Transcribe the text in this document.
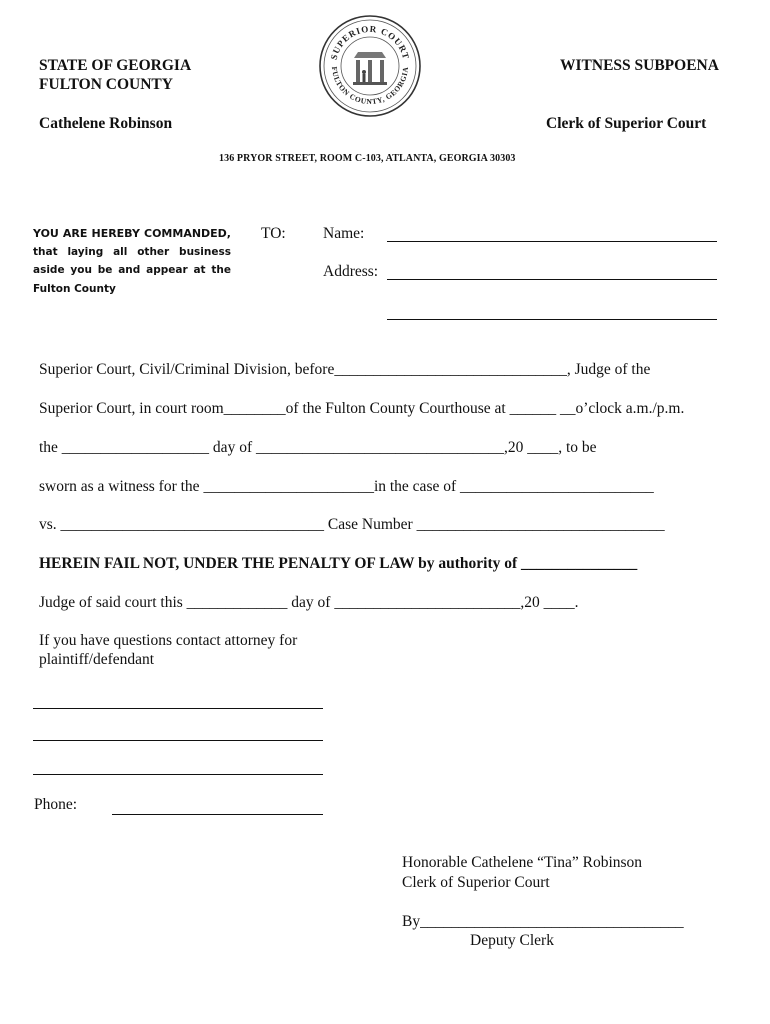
STATE OF GEORGIA
FULTON COUNTY
WITNESS SUBPOENA
Cathelene Robinson	Clerk of Superior Court
SUPERIOR COURT
FULTON COUNTY, GEORGIA
136 PRYOR STREET, ROOM C-103, ATLANTA, GEORGIA 30303
YOU ARE HEREBY COMMANDED, that laying all other business aside you be and appear at the Fulton County
TO: Name:
Address:
Superior Court, Civil/Criminal Division, before______________________________, Judge of the
Superior Court, in court room________of the Fulton County Courthouse at ______ __o’clock a.m./p.m.
the ___________________ day of ________________________________,20 ____, to be
sworn as a witness for the ______________________in the case of _________________________
vs. __________________________________ Case Number ________________________________
HEREIN FAIL NOT, UNDER THE PENALTY OF LAW by authority of _______________
Judge of said court this _____________ day of ________________________,20 ____.
If you have questions contact attorney for
plaintiff/defendant
Phone:
Honorable Cathelene “Tina” Robinson
Clerk of Superior Court
By__________________________________
Deputy Clerk
